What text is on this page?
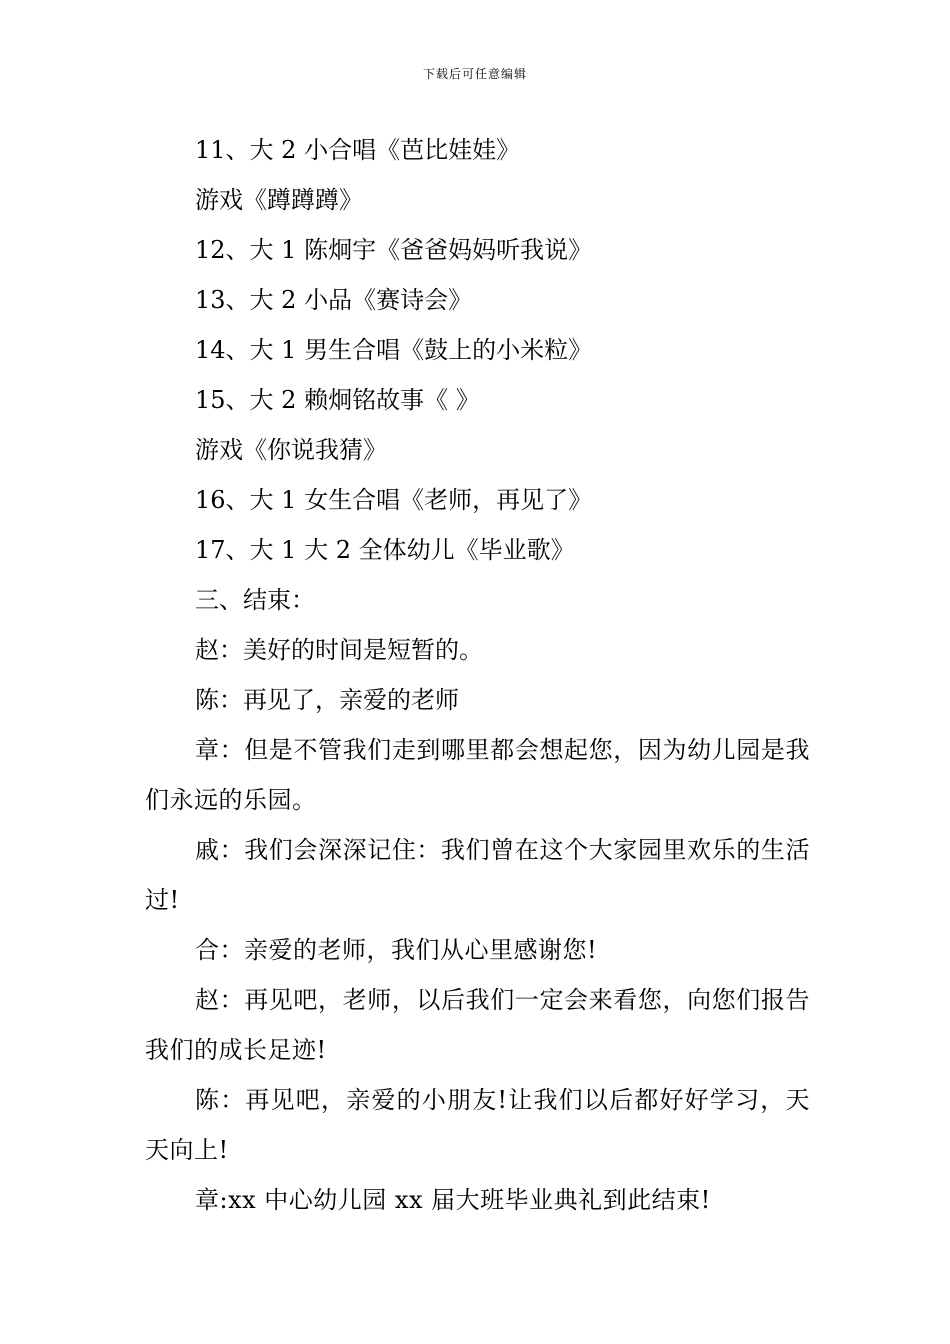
下载后可任意编辑
11、大 2 小合唱《芭比娃娃》
游戏《蹲蹲蹲》
12、大 1 陈炯宇《爸爸妈妈听我说》
13、大 2 小品《赛诗会》
14、大 1 男生合唱《鼓上的小米粒》
15、大 2 赖炯铭故事《 》
游戏《你说我猜》
16、大 1 女生合唱《老师，再见了》
17、大 1 大 2 全体幼儿《毕业歌》
三、结束：
赵：美好的时间是短暂的。
陈：再见了，亲爱的老师
章：但是不管我们走到哪里都会想起您，因为幼儿园是我们永远的乐园。
戚：我们会深深记住：我们曾在这个大家园里欢乐的生活过!
合：亲爱的老师，我们从心里感谢您!
赵：再见吧，老师，以后我们一定会来看您，向您们报告我们的成长足迹!
陈：再见吧，亲爱的小朋友!让我们以后都好好学习，天天向上!
章:xx 中心幼儿园 xx 届大班毕业典礼到此结束!
